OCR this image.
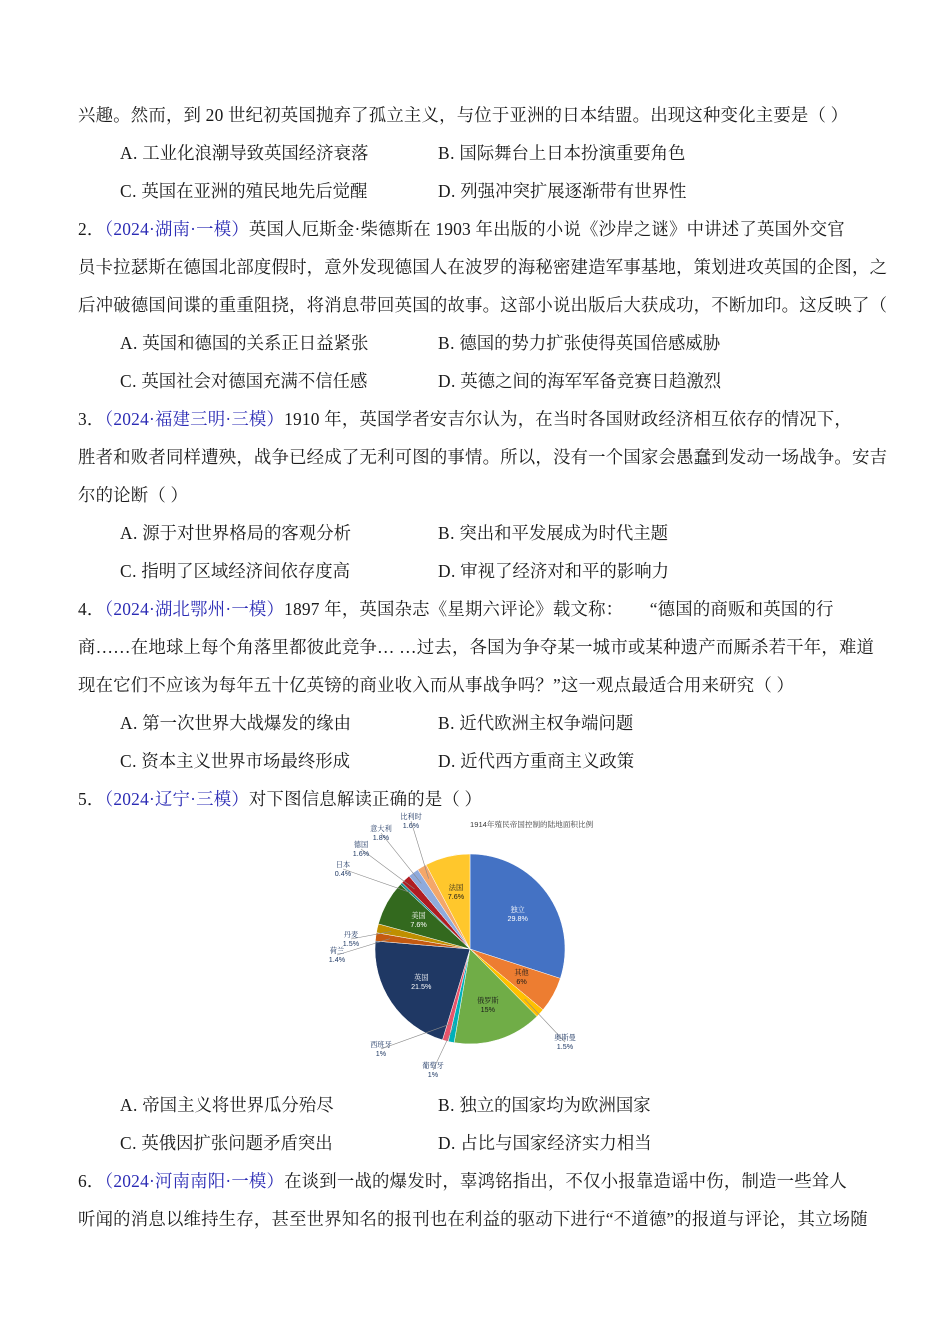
兴趣。然而，到 20 世纪初英国抛弃了孤立主义，与位于亚洲的日本结盟。出现这种变化主要是（ ）
A. 工业化浪潮导致英国经济衰落	B. 国际舞台上日本扮演重要角色
C. 英国在亚洲的殖民地先后觉醒	D. 列强冲突扩展逐渐带有世界性
2．（2024·湖南·一模）英国人厄斯金·柴德斯在 1903 年出版的小说《沙岸之谜》中讲述了英国外交官
员卡拉瑟斯在德国北部度假时，意外发现德国人在波罗的海秘密建造军事基地，策划进攻英国的企图，之
后冲破德国间谍的重重阻挠，将消息带回英国的故事。这部小说出版后大获成功，不断加印。这反映了（
A. 英国和德国的关系正日益紧张	B. 德国的势力扩张使得英国倍感威胁
C. 英国社会对德国充满不信任感	D. 英德之间的海军军备竞赛日趋激烈
3．（2024·福建三明·三模）1910 年，英国学者安吉尔认为，在当时各国财政经济相互依存的情况下，
胜者和败者同样遭殃，战争已经成了无利可图的事情。所以，没有一个国家会愚蠢到发动一场战争。安吉
尔的论断（ ）
A. 源于对世界格局的客观分析	B. 突出和平发展成为时代主题
C. 指明了区域经济间依存度高	D. 审视了经济对和平的影响力
4．（2024·湖北鄂州·一模）1897 年，英国杂志《星期六评论》载文称：　　“德国的商贩和英国的行
商……在地球上每个角落里都彼此竞争… …过去，各国为争夺某一城市或某种遗产而厮杀若干年，难道
现在它们不应该为每年五十亿英镑的商业收入而从事战争吗？”这一观点最适合用来研究（ ）
A. 第一次世界大战爆发的缘由	B. 近代欧洲主权争端问题
C. 资本主义世界市场最终形成	D. 近代西方重商主义政策
5．（2024·辽宁·三模）对下图信息解读正确的是（ ）
1914年殖民帝国控制的陆地面积比例
独立
29.8%
其他
6%
奥斯曼
1.5%
俄罗斯
15%
葡萄牙
1%
西班牙
1%
英国
21.5%
荷兰
1.4%
丹麦
1.5%
美国
7.6%
日本
0.4%
德国
1.6%
意大利
1.8%
比利时
1.6%
法国
7.6%
A. 帝国主义将世界瓜分殆尽	B. 独立的国家均为欧洲国家
C. 英俄因扩张问题矛盾突出	D. 占比与国家经济实力相当
6．（2024·河南南阳·一模）在谈到一战的爆发时，辜鸿铭指出，不仅小报靠造谣中伤，制造一些耸人
听闻的消息以维持生存，甚至世界知名的报刊也在利益的驱动下进行“不道德”的报道与评论，其立场随
